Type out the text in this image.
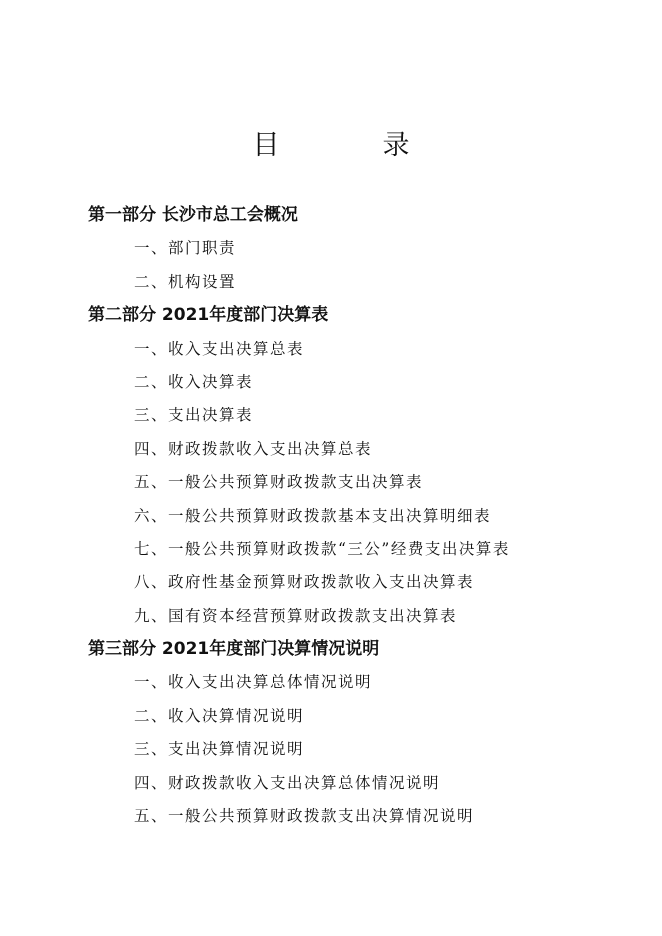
目　录
第一部分 长沙市总工会概况
一、部门职责
二、机构设置
第二部分 2021年度部门决算表
一、收入支出决算总表
二、收入决算表
三、支出决算表
四、财政拨款收入支出决算总表
五、一般公共预算财政拨款支出决算表
六、一般公共预算财政拨款基本支出决算明细表
七、一般公共预算财政拨款“三公”经费支出决算表
八、政府性基金预算财政拨款收入支出决算表
九、国有资本经营预算财政拨款支出决算表
第三部分 2021年度部门决算情况说明
一、收入支出决算总体情况说明
二、收入决算情况说明
三、支出决算情况说明
四、财政拨款收入支出决算总体情况说明
五、一般公共预算财政拨款支出决算情况说明
